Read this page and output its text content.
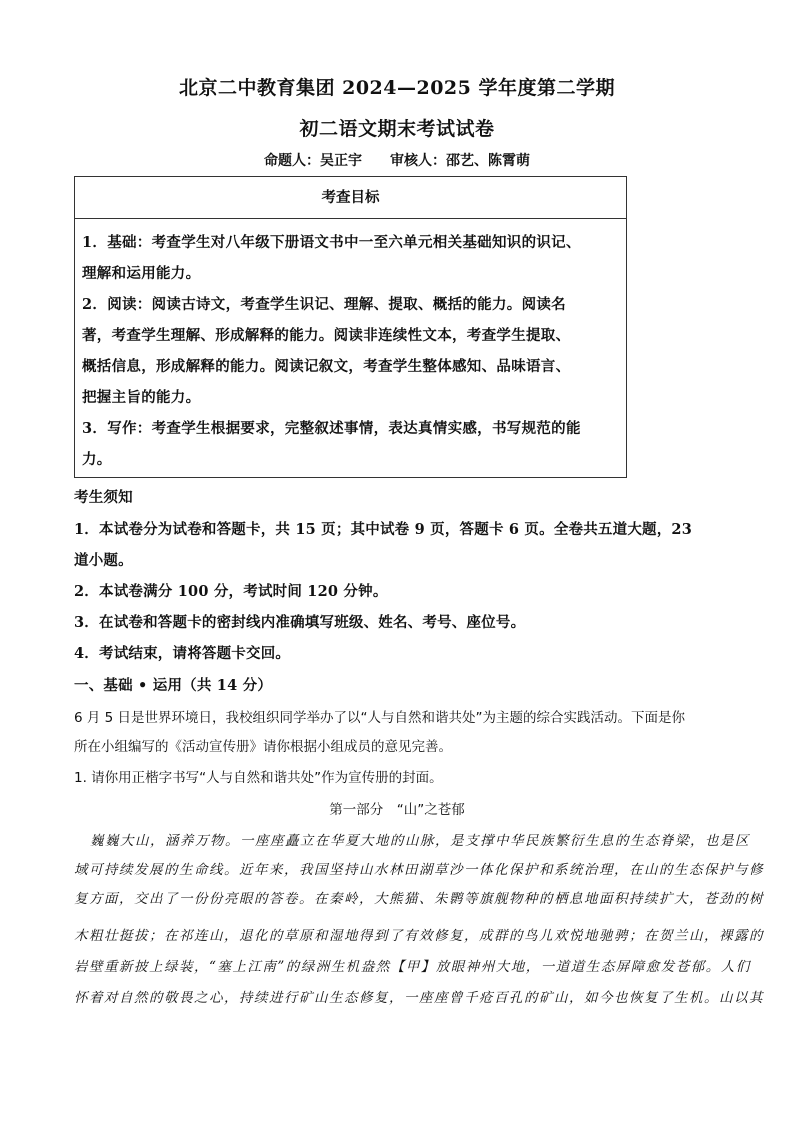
北京二中教育集团 2024—2025 学年度第二学期
初二语文期末考试试卷
命题人：吴正宇　　审核人：邵艺、陈霄萌
考查目标
1．基础：考查学生对八年级下册语文书中一至六单元相关基础知识的识记、
理解和运用能力。
2．阅读：阅读古诗文，考查学生识记、理解、提取、概括的能力。阅读名
著，考查学生理解、形成解释的能力。阅读非连续性文本，考查学生提取、
概括信息，形成解释的能力。阅读记叙文，考查学生整体感知、品味语言、
把握主旨的能力。
3．写作：考查学生根据要求，完整叙述事情，表达真情实感，书写规范的能
力。
考生须知
1．本试卷分为试卷和答题卡，共 15 页；其中试卷 9 页，答题卡 6 页。全卷共五道大题，23
道小题。
2．本试卷满分 100 分，考试时间 120 分钟。
3．在试卷和答题卡的密封线内准确填写班级、姓名、考号、座位号。
4．考试结束，请将答题卡交回。
一、基础 • 运用（共 14 分）
6 月 5 日是世界环境日，我校组织同学举办了以“人与自然和谐共处”为主题的综合实践活动。下面是你
所在小组编写的《活动宣传册》请你根据小组成员的意见完善。
1. 请你用正楷字书写“人与自然和谐共处”作为宣传册的封面。
第一部分　“山”之苍郁
巍巍大山，涵养万物。一座座矗立在华夏大地的山脉，是支撑中华民族繁衍生息的生态脊梁，也是区
域可持续发展的生命线。近年来，我国坚持山水林田湖草沙一体化保护和系统治理，在山的生态保护与修
复方面，交出了一份份亮眼的答卷。在秦岭，大熊猫、朱鹮等旗舰物种的栖息地面积持续扩大，苍劲的树
木粗壮挺拔；在祁连山，退化的草原和湿地得到了有效修复，成群的鸟儿欢悦地驰骋；在贺兰山，裸露的
岩壁重新披上绿装，“塞上江南”的绿洲生机盎然【甲】放眼神州大地，一道道生态屏障愈发苍郁。人们
怀着对自然的敬畏之心，持续进行矿山生态修复，一座座曾千疮百孔的矿山，如今也恢复了生机。山以其
